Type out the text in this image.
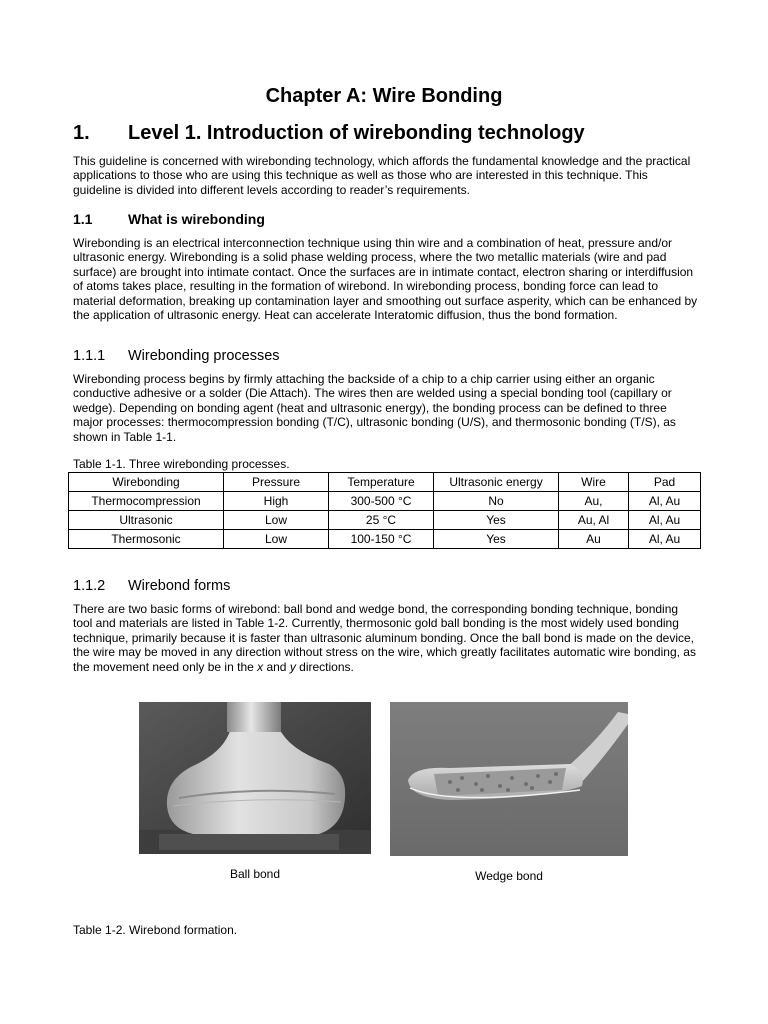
Chapter A: Wire Bonding
1. Level 1. Introduction of wirebonding technology
This guideline is concerned with wirebonding technology, which affords the fundamental knowledge and the practical applications to those who are using this technique as well as those who are interested in this technique. This guideline is divided into different levels according to reader’s requirements.
1.1	What is wirebonding
Wirebonding is an electrical interconnection technique using thin wire and a combination of heat, pressure and/or ultrasonic energy. Wirebonding is a solid phase welding process, where the two metallic materials (wire and pad surface) are brought into intimate contact. Once the surfaces are in intimate contact, electron sharing or interdiffusion of atoms takes place, resulting in the formation of wirebond. In wirebonding process, bonding force can lead to material deformation, breaking up contamination layer and smoothing out surface asperity, which can be enhanced by the application of ultrasonic energy. Heat can accelerate Interatomic diffusion, thus the bond formation.
1.1.1 Wirebonding processes
Wirebonding process begins by firmly attaching the backside of a chip to a chip carrier using either an organic conductive adhesive or a solder (Die Attach). The wires then are welded using a special bonding tool (capillary or wedge). Depending on bonding agent (heat and ultrasonic energy), the bonding process can be defined to three major processes: thermocompression bonding (T/C), ultrasonic bonding (U/S), and thermosonic bonding (T/S), as shown in Table 1-1.
Table 1-1. Three wirebonding processes.
Wirebonding	Pressure	Temperature	Ultrasonic energy	Wire	Pad
Thermocompression	High	300-500 °C	No	Au,	Al, Au
Ultrasonic	Low	25 °C	Yes	Au, Al	Al, Au
Thermosonic	Low	100-150 °C	Yes	Au	Al, Au
1.1.2 Wirebond forms
There are two basic forms of wirebond: ball bond and wedge bond, the corresponding bonding technique, bonding tool and materials are listed in Table 1-2. Currently, thermosonic gold ball bonding is the most widely used bonding technique, primarily because it is faster than ultrasonic aluminum bonding. Once the ball bond is made on the device, the wire may be moved in any direction without stress on the wire, which greatly facilitates automatic wire bonding, as the movement need only be in the x and y directions.
Ball bond	Wedge bond
Table 1-2. Wirebond formation.
